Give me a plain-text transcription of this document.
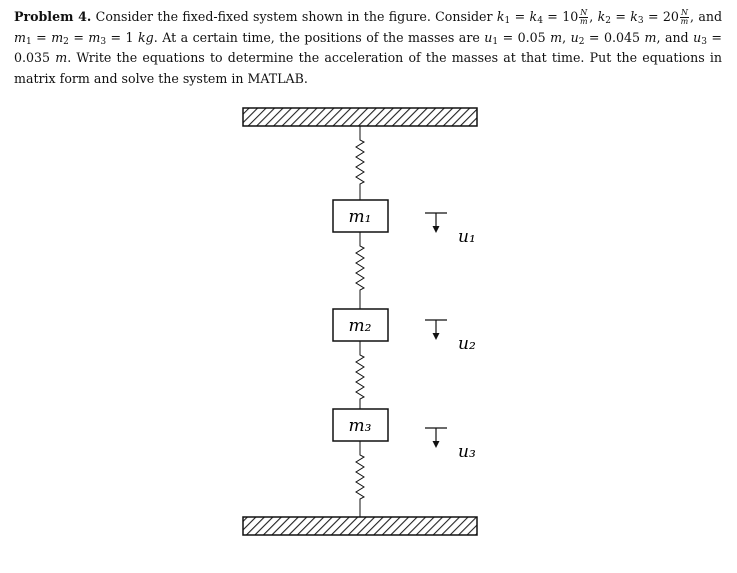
Problem 4. Consider the fixed-fixed system shown in the figure. Consider $k_1 = k_4 = 10 \frac{N}{m}$ , $k_2 = k_3 = 20 \frac{N}{m}$ , and $m_1 = m_2 = m_3 = 1$ kg. At a certain time, the positions of the masses are $u_1 = 0.05$ m, $u_2 = 0.045$ m, and $u_3 = 0.035$ m. Write the equations to determine the acceleration of the masses at that time. Put the equations in matrix form and solve the system in MATLAB.
m₁
m₂
m₃
u₁
u₂
u₃
